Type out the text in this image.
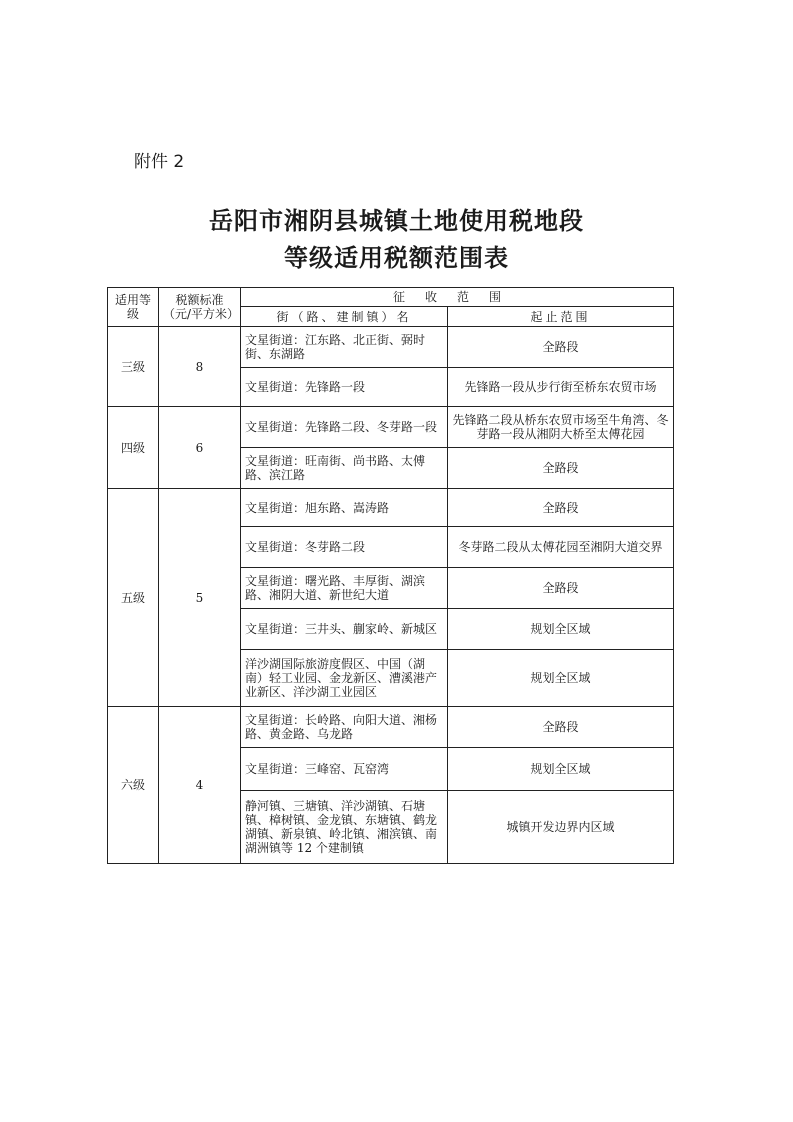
附件 2
岳阳市湘阴县城镇土地使用税地段
等级适用税额范围表
适用等级	税额标准（元/平方米）	征收范围	
		街（路、建制镇）名	起止范围
三级	8	文星街道：江东路、北正街、弼时街、东湖路	全路段
		文星街道：先锋路一段	先锋路一段从步行街至桥东农贸市场
四级	6	文星街道：先锋路二段、冬芽路一段	先锋路二段从桥东农贸市场至牛角湾、冬芽路一段从湘阴大桥至太傅花园
		文星街道：旺南街、尚书路、太傅路、滨江路	全路段
五级	5	文星街道：旭东路、嵩涛路	全路段
		文星街道：冬芽路二段	冬芽路二段从太傅花园至湘阴大道交界
		文星街道：曙光路、丰厚街、湖滨路、湘阴大道、新世纪大道	全路段
		文星街道：三井头、蒯家岭、新城区	规划全区域
		洋沙湖国际旅游度假区、中国（湖南）轻工业园、金龙新区、漕溪港产业新区、洋沙湖工业园区	规划全区域
六级	4	文星街道：长岭路、向阳大道、湘杨路、黄金路、乌龙路	全路段
		文星街道：三峰窑、瓦窑湾	规划全区域
		静河镇、三塘镇、洋沙湖镇、石塘镇、樟树镇、金龙镇、东塘镇、鹤龙湖镇、新泉镇、岭北镇、湘滨镇、南湖洲镇等 12 个建制镇	城镇开发边界内区域
